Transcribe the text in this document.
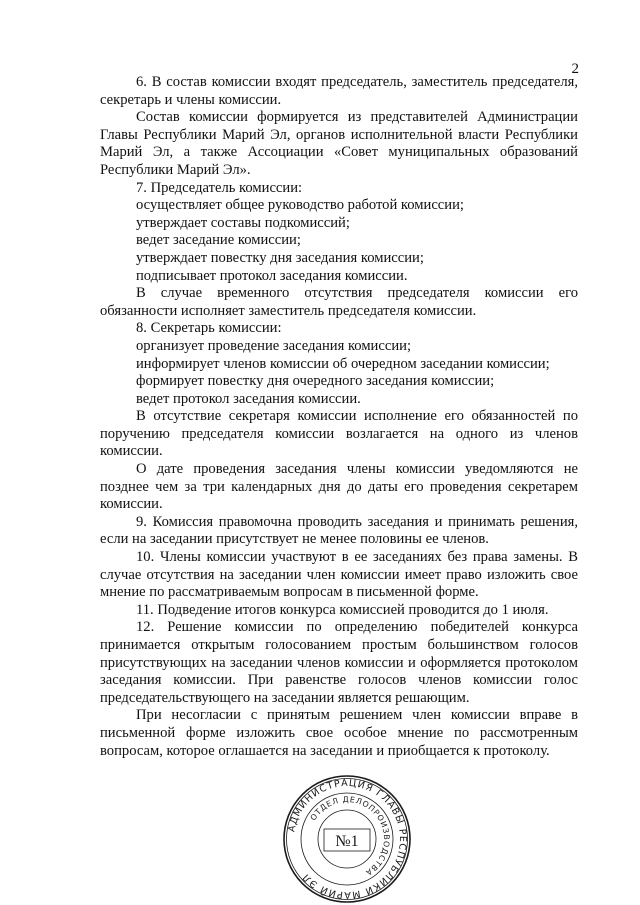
2

6. В состав комиссии входят председатель, заместитель председателя, секретарь и члены комиссии.

Состав комиссии формируется из представителей Администрации Главы Республики Марий Эл, органов исполнительной власти Республики Марий Эл, а также Ассоциации «Совет муниципальных образований Республики Марий Эл».

7. Председатель комиссии:

осуществляет общее руководство работой комиссии;

утверждает составы подкомиссий;

ведет заседание комиссии;

утверждает повестку дня заседания комиссии;

подписывает протокол заседания комиссии.

В случае временного отсутствия председателя комиссии его обязанности исполняет заместитель председателя комиссии.

8. Секретарь комиссии:

организует проведение заседания комиссии;

информирует членов комиссии об очередном заседании комиссии;

формирует повестку дня очередного заседания комиссии;

ведет протокол заседания комиссии.

В отсутствие секретаря комиссии исполнение его обязанностей по поручению председателя комиссии возлагается на одного из членов комиссии.

О дате проведения заседания члены комиссии уведомляются не позднее чем за три календарных дня до даты его проведения секретарем комиссии.

9. Комиссия правомочна проводить заседания и принимать решения, если на заседании присутствует не менее половины ее членов.

10. Члены комиссии участвуют в ее заседаниях без права замены. В случае отсутствия на заседании член комиссии имеет право изложить свое мнение по рассматриваемым вопросам в письменной форме.

11. Подведение итогов конкурса комиссией проводится до 1 июля.

12. Решение комиссии по определению победителей конкурса принимается открытым голосованием простым большинством голосов присутствующих на заседании членов комиссии и оформляется протоколом заседания комиссии. При равенстве голосов членов комиссии голос председательствующего на заседании является решающим.

При несогласии с принятым решением член комиссии вправе в письменной форме изложить свое особое мнение по рассмотренным вопросам, которое оглашается на заседании и приобщается к протоколу.

АДМИНИСТРАЦИЯ ГЛАВЫ РЕСПУБЛИКИ МАРИЙ ЭЛ
ОТДЕЛ ДЕЛОПРОИЗВОДСТВА
№1
